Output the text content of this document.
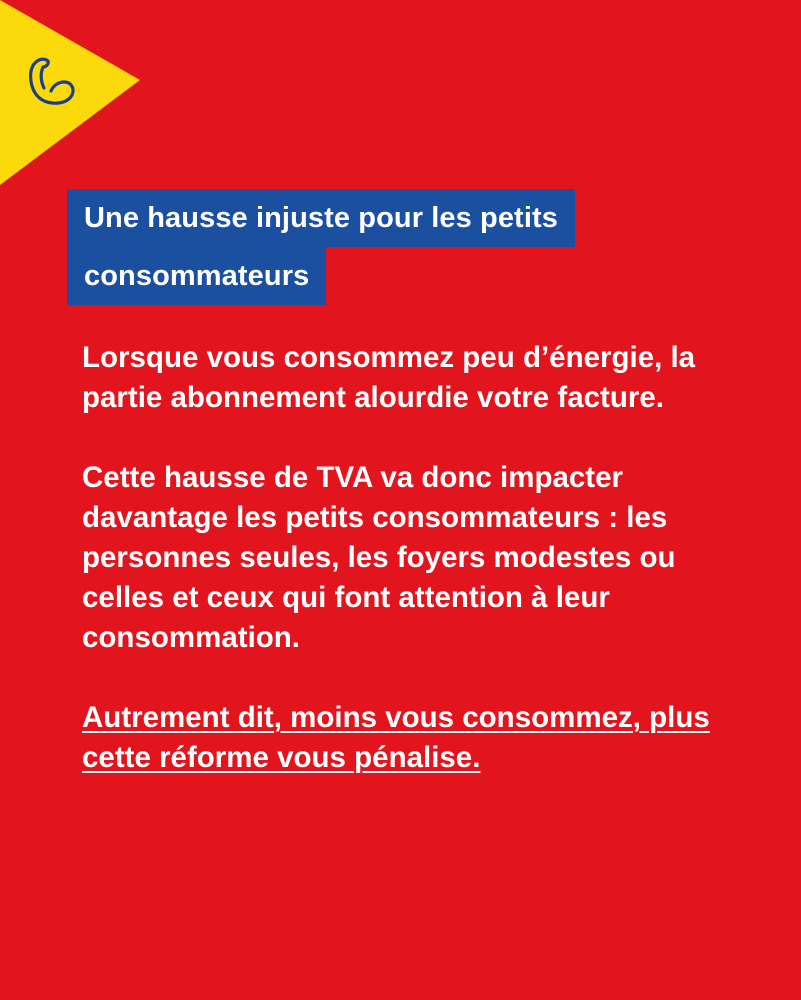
Une hausse injuste pour les petits consommateurs

Lorsque vous consommez peu d’énergie, la partie abonnement alourdie votre facture.

Cette hausse de TVA va donc impacter davantage les petits consommateurs : les personnes seules, les foyers modestes ou celles et ceux qui font attention à leur consommation.

Autrement dit, moins vous consommez, plus cette réforme vous pénalise.
